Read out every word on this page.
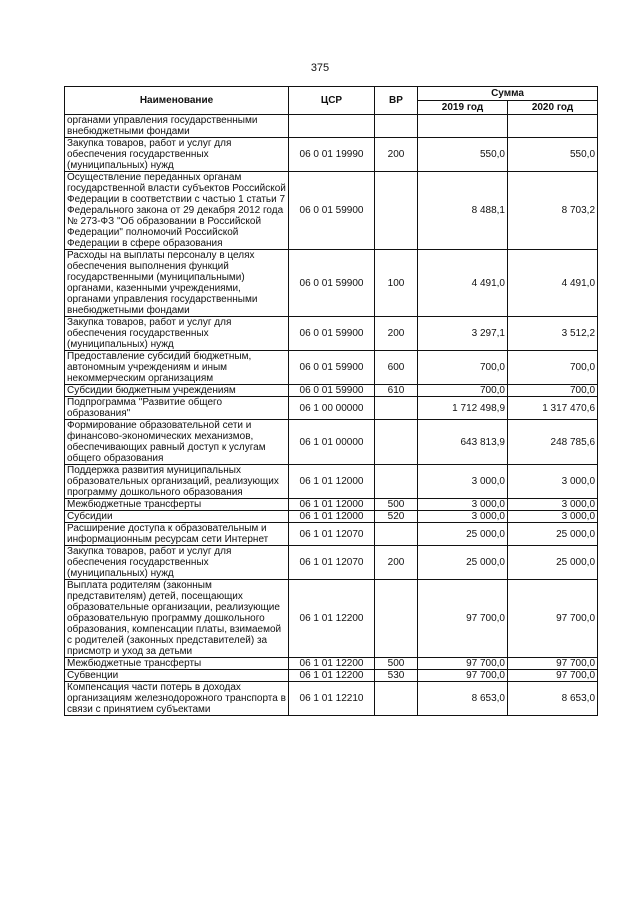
375
Наименование	ЦСР	ВР	Сумма	
			2019 год	2020 год
органами управления государственными внебюджетными фондами				
Закупка товаров, работ и услуг для обеспечения государственных (муниципальных) нужд	06 0 01 19990	200	550,0	550,0
Осуществление переданных органам государственной власти субъектов Российской Федерации в соответствии с частью 1 статьи 7 Федерального закона от 29 декабря 2012 года № 273-ФЗ "Об образовании в Российской Федерации" полномочий Российской Федерации в сфере образования	06 0 01 59900		8 488,1	8 703,2
Расходы на выплаты персоналу в целях обеспечения выполнения функций государственными (муниципальными) органами, казенными учреждениями, органами управления государственными внебюджетными фондами	06 0 01 59900	100	4 491,0	4 491,0
Закупка товаров, работ и услуг для обеспечения государственных (муниципальных) нужд	06 0 01 59900	200	3 297,1	3 512,2
Предоставление субсидий бюджетным, автономным учреждениям и иным некоммерческим организациям	06 0 01 59900	600	700,0	700,0
Субсидии бюджетным учреждениям	06 0 01 59900	610	700,0	700,0
Подпрограмма "Развитие общего образования"	06 1 00 00000		1 712 498,9	1 317 470,6
Формирование образовательной сети и финансово-экономических механизмов, обеспечивающих равный доступ к услугам общего образования	06 1 01 00000		643 813,9	248 785,6
Поддержка развития муниципальных образовательных организаций, реализующих программу дошкольного образования	06 1 01 12000		3 000,0	3 000,0
Межбюджетные трансферты	06 1 01 12000	500	3 000,0	3 000,0
Субсидии	06 1 01 12000	520	3 000,0	3 000,0
Расширение доступа к образовательным и информационным ресурсам сети Интернет	06 1 01 12070		25 000,0	25 000,0
Закупка товаров, работ и услуг для обеспечения государственных (муниципальных) нужд	06 1 01 12070	200	25 000,0	25 000,0
Выплата родителям (законным представителям) детей, посещающих образовательные организации, реализующие образовательную программу дошкольного образования, компенсации платы, взимаемой с родителей (законных представителей) за присмотр и уход за детьми	06 1 01 12200		97 700,0	97 700,0
Межбюджетные трансферты	06 1 01 12200	500	97 700,0	97 700,0
Субвенции	06 1 01 12200	530	97 700,0	97 700,0
Компенсация части потерь в доходах организациям железнодорожного транспорта в связи с принятием субъектами	06 1 01 12210		8 653,0	8 653,0
